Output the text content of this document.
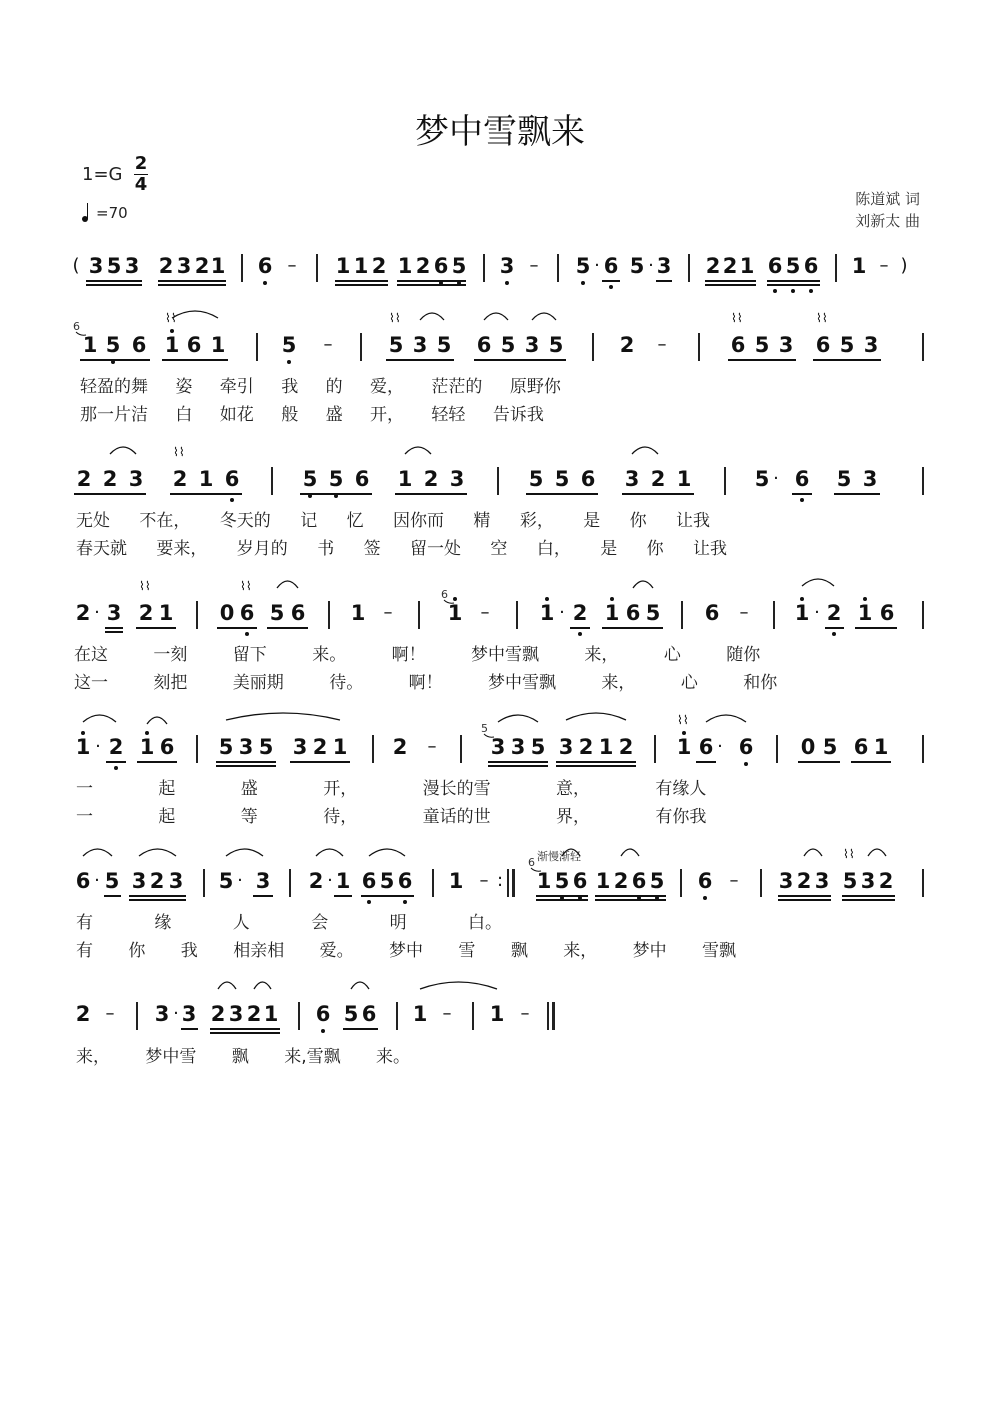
梦中雪飘来
1=G
2
4
=70
陈道斌 词
刘新太 曲
轻盈的舞 姿 牵引 我 的 爱， 茫茫的 原野你
那一片洁 白 如花 般 盛 开， 轻轻 告诉我
无处 不在， 冬天的 记 忆 因你而 精 彩， 是 你 让我
春天就 要来， 岁月的 书 签 留一处 空 白， 是 你 让我
在这 一刻 留下 来。 啊！ 梦中雪飘 来， 心 随你
这一 刻把 美丽期 待。 啊！ 梦中雪飘 来， 心 和你
一 起 盛 开， 漫长的雪 意， 有缘人
一 起 等 待， 童话的世 界， 有你我
有 缘 人 会 明 白。
有 你 我 相亲相 爱。 梦中 雪 飘 来， 梦中 雪飘
来， 梦中雪 飘 来,雪飘 来。
渐慢渐轻
6
6
5
6
( 3 5 3 2 3 2 1 6 – 1 1 2 1 2 6 5 3 – 5 · 6 5 · 3 2 2 1 6 5 6 1 – )
1 5 6 1 6 1	5 –	5 3 5 6 5 3 5	2 –	6 5 3 6 5 3
2 2 3 2 1 6	5 5 6 1 2 3	5 5 6 3 2 1	5 · 6 5 3
2 · 3 2 1 0 6 5 6 1 –	1 – 1 · 2 1 6 5 6 – 1 · 2 1 6
1 · 2 1 6 5 3 5 3 2 1 2 –	3 3 5 3 2 1 2 1 6 · 6 0 5 6 1
6 · 5 3 2 3 5 · 3 2 · 1 6 5 6 1 – : 1 5 6 1 2 6 5 6 – 3 2 3 5 3 2
2 – 3 · 3 2 3 2 1 6 5 6 1 – 1 –
⌇⌇	⌇⌇	⌇⌇	⌇⌇
⌇⌇
⌇⌇	⌇⌇
⌇⌇
⌇⌇
